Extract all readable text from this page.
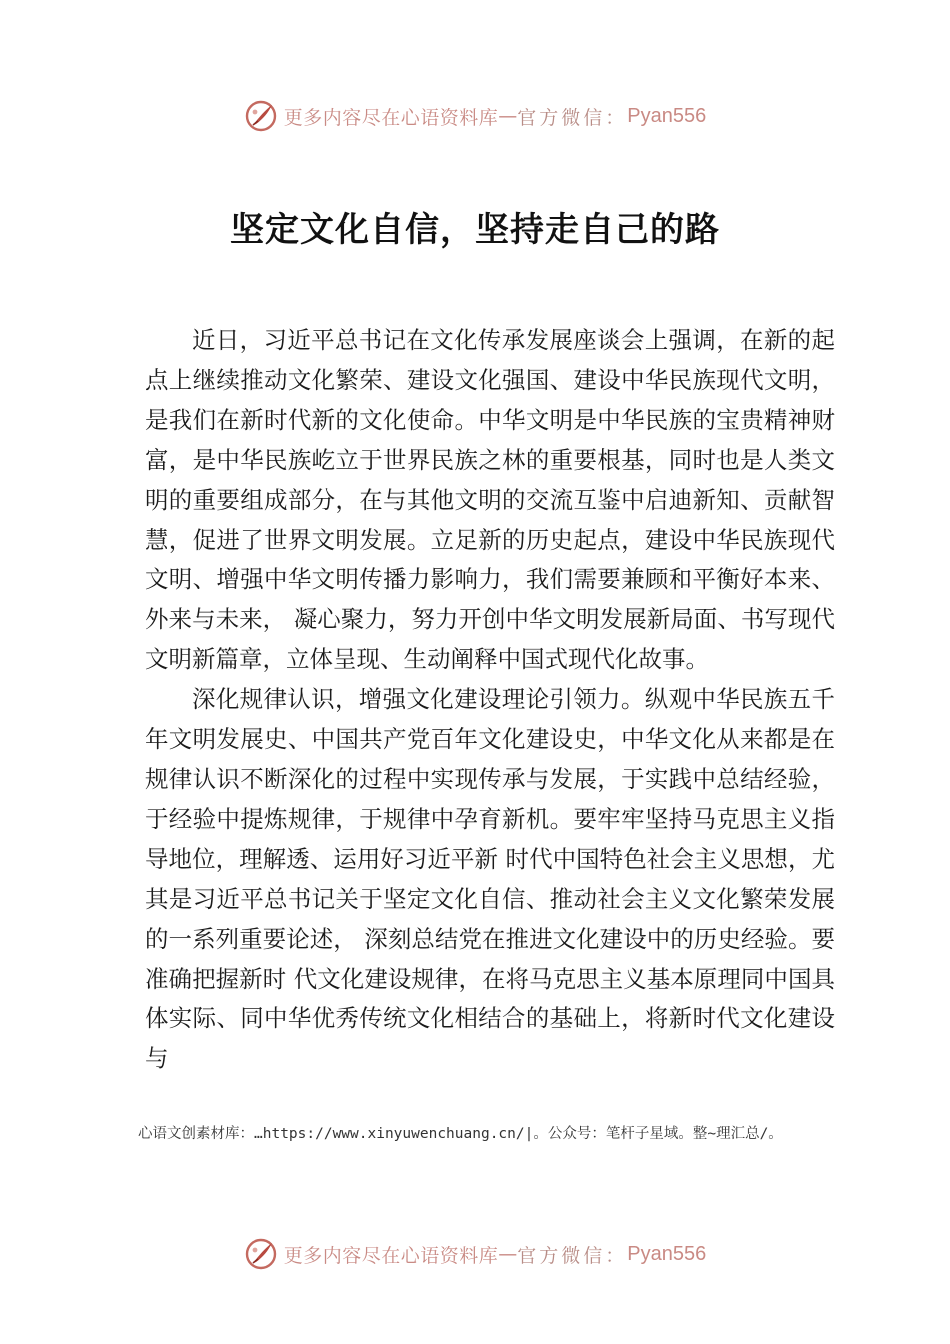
更多内容尽在心语资料库 — 官方微信： Pyan556
坚定文化自信，坚持走自己的路

近日，习近平总书记在文化传承发展座谈会上强调，在新的起点上继续推动文化繁荣、建设文化强国、建设中华民族现代文明，是我们在新时代新的文化使命。中华文明是中华民族的宝贵精神财富，是中华民族屹立于世界民族之林的重要根基，同时也是人类文明的重要组成部分，在与其他文明的交流互鉴中启迪新知、贡献智慧，促进了世界文明发展。立足新的历史起点，建设中华民族现代文明、增强中华文明传播力影响力，我们需要兼顾和平衡好本来、外来与未来， 凝心聚力，努力开创中华文明发展新局面、书写现代文明新篇章，立体呈现、生动阐释中国式现代化故事。

深化规律认识，增强文化建设理论引领力。纵观中华民族五千年文明发展史、中国共产党百年文化建设史，中华文化从来都是在规律认识不断深化的过程中实现传承与发展，于实践中总结经验，于经验中提炼规律，于规律中孕育新机。要牢牢坚持马克思主义指导地位，理解透、运用好习近平新 时代中国特色社会主义思想，尤其是习近平总书记关于坚定文化自信、推动社会主义文化繁荣发展的一系列重要论述， 深刻总结党在推进文化建设中的历史经验。要准确把握新时 代文化建设规律，在将马克思主义基本原理同中国具体实际、同中华优秀传统文化相结合的基础上，将新时代文化建设与

心语文创素材库：…https://www.xinyuwenchuang.cn/|。公众号：笔杆子星域。整~理汇总/。
更多内容尽在心语资料库 — 官方微信： Pyan556
